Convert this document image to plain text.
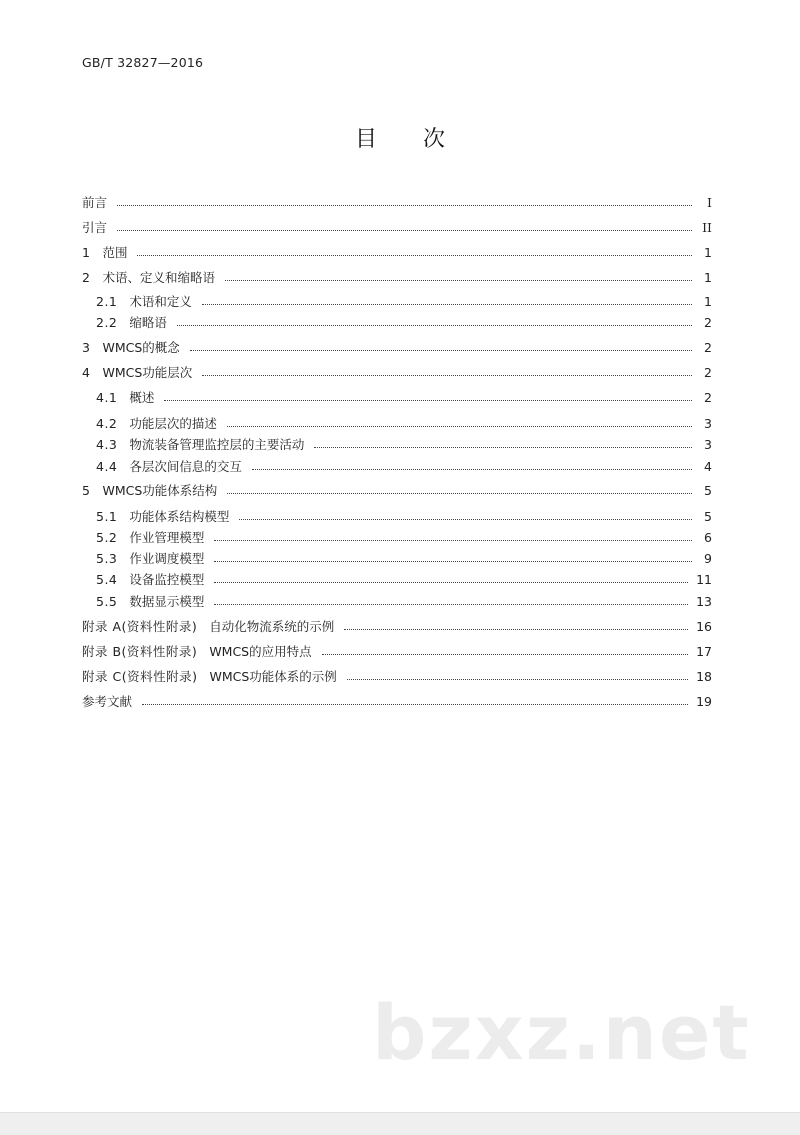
GB/T 32827—2016
目次
前言	I
引言	II
1 范围	1
2 术语、定义和缩略语	1
2.1 术语和定义	1
2.2 缩略语	2
3 WMCS的概念	2
4 WMCS功能层次	2
4.1 概述	2
4.2 功能层次的描述	3
4.3 物流装备管理监控层的主要活动	3
4.4 各层次间信息的交互	4
5 WMCS功能体系结构	5
5.1 功能体系结构模型	5
5.2 作业管理模型	6
5.3 作业调度模型	9
5.4 设备监控模型	11
5.5 数据显示模型	13
附录 A(资料性附录) 自动化物流系统的示例	16
附录 B(资料性附录) WMCS的应用特点	17
附录 C(资料性附录) WMCS功能体系的示例	18
参考文献	19
bzxz.net
